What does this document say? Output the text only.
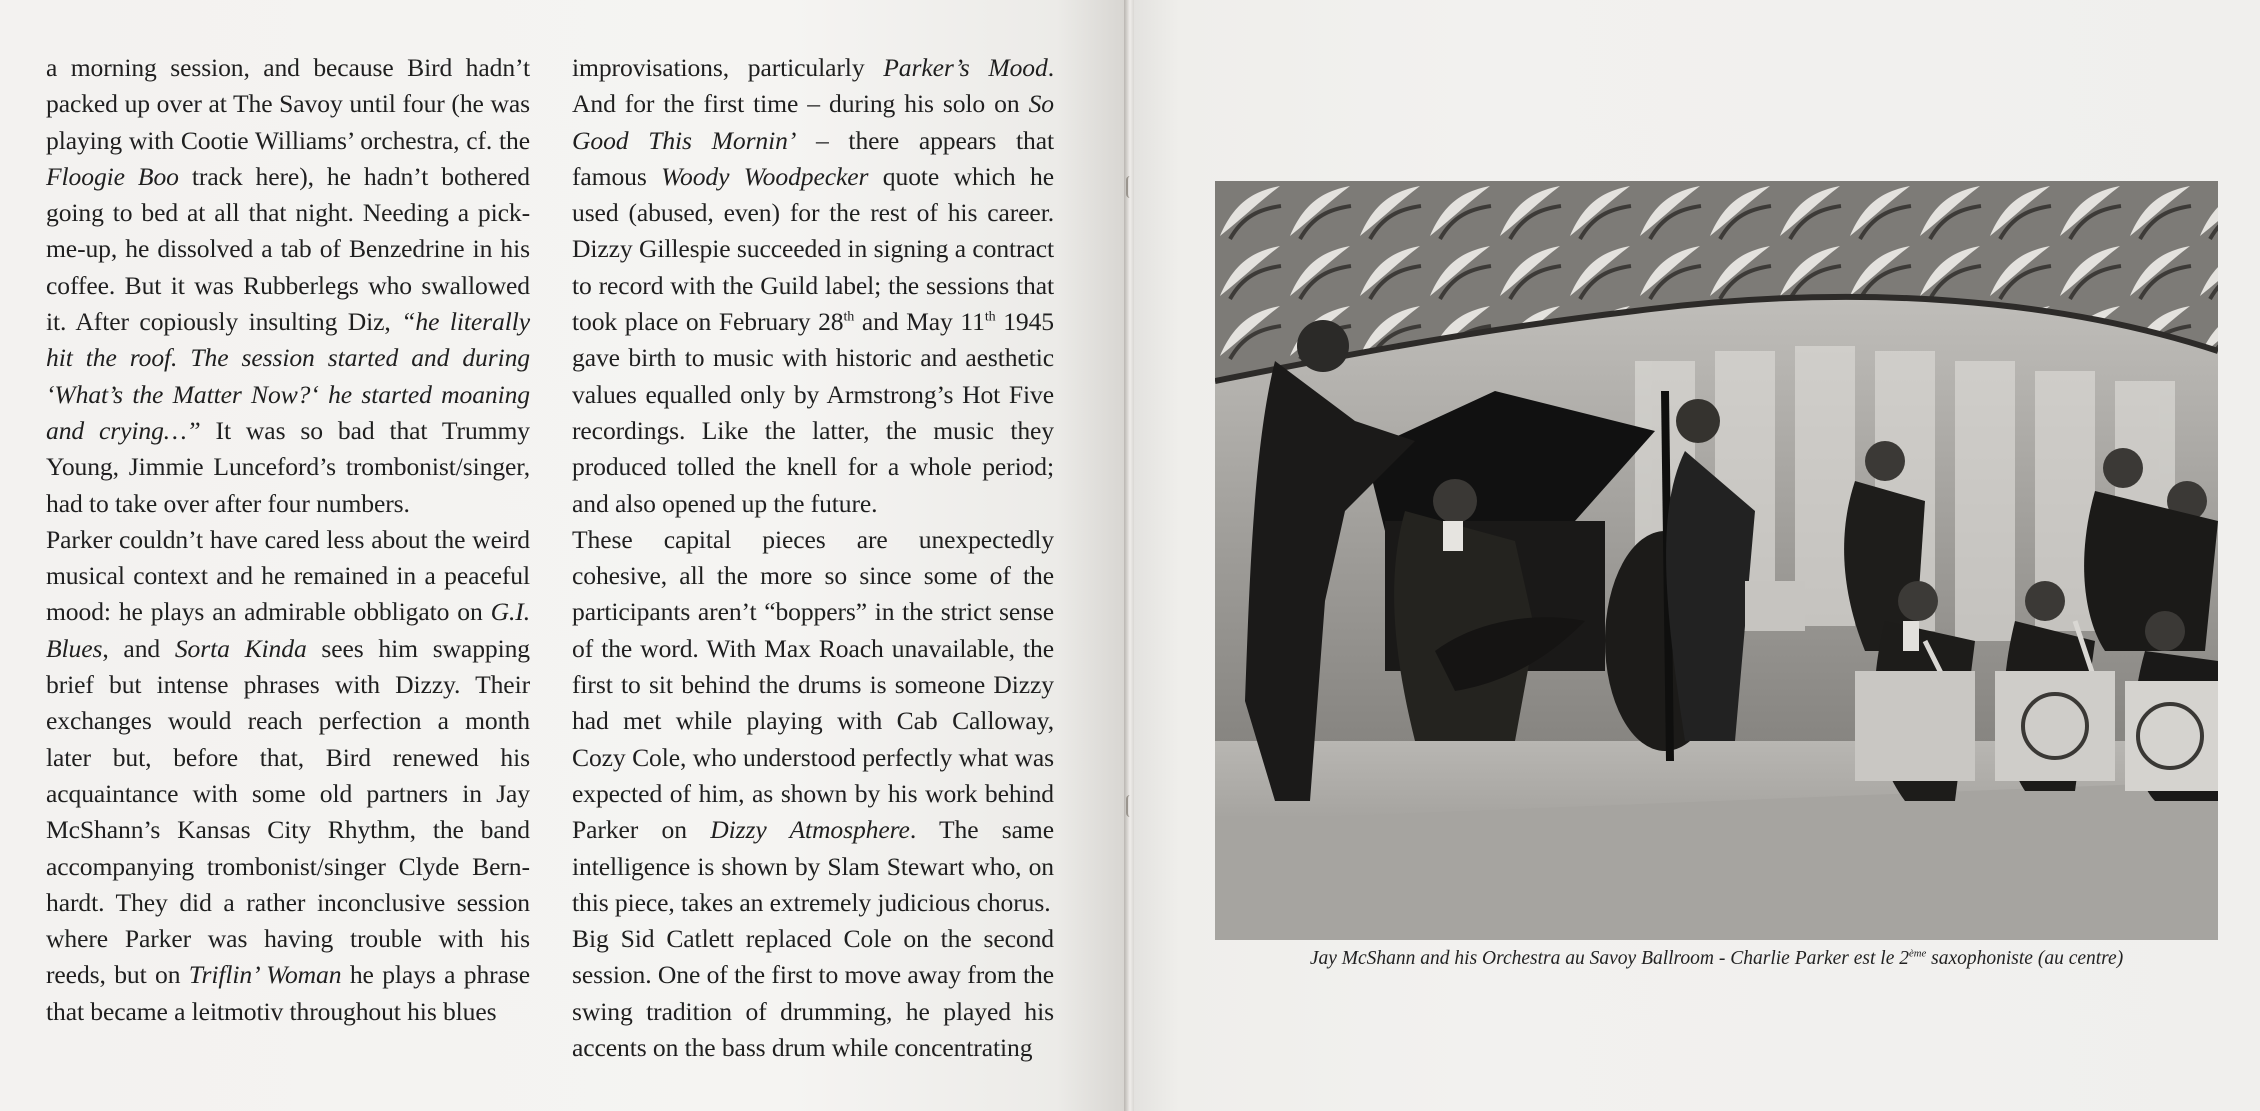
a morning session, and because Bird hadn’t packed up over at The Savoy until four (he was playing with Cootie Williams’ orchestra, cf. the Floogie Boo track here), he hadn’t bothered going to bed at all that night. Needing a pick-me-up, he dissolved a tab of Benzedrine in his coffee. But it was Rubberlegs who swallowed it. After copiously insulting Diz, “he literally hit the roof. The session started and during ‘What’s the Matter Now?‘ he started moaning and crying…” It was so bad that Trummy Young, Jimmie Lunceford’s trombonist/singer, had to take over after four numbers.

Parker couldn’t have cared less about the weird musical context and he remained in a peaceful mood: he plays an admirable obbligato on G.I. Blues, and Sorta Kinda sees him swapping brief but intense phrases with Dizzy. Their exchanges would reach perfection a month later but, before that, Bird renewed his acquaintance with some old partners in Jay McShann’s Kansas City Rhythm, the band accompanying trombonist/singer Clyde Bernhardt. They did a rather inconclusive session where Parker was having trouble with his reeds, but on Triflin’ Woman he plays a phrase that became a leitmotiv throughout his blues

improvisations, particularly Parker’s Mood. And for the first time – during his solo on So Good This Mornin’ – there appears that famous Woody Woodpecker quote which he used (abused, even) for the rest of his career. Dizzy Gillespie succeeded in signing a contract to record with the Guild label; the sessions that took place on February 28th and May 11th 1945 gave birth to music with historic and aesthetic values equalled only by Armstrong’s Hot Five recordings. Like the latter, the music they produced tolled the knell for a whole period; and also opened up the future.

These capital pieces are unexpectedly cohesive, all the more so since some of the participants aren’t “boppers” in the strict sense of the word. With Max Roach unavailable, the first to sit behind the drums is someone Dizzy had met while playing with Cab Calloway, Cozy Cole, who understood perfectly what was expected of him, as shown by his work behind Parker on Dizzy Atmosphere. The same intelligence is shown by Slam Stewart who, on this piece, takes an extremely judicious chorus.

Big Sid Catlett replaced Cole on the second session. One of the first to move away from the swing tradition of drumming, he played his accents on the bass drum while concentrating

Jay McShann and his Orchestra au Savoy Ballroom - Charlie Parker est le 2ème saxophoniste (au centre)
